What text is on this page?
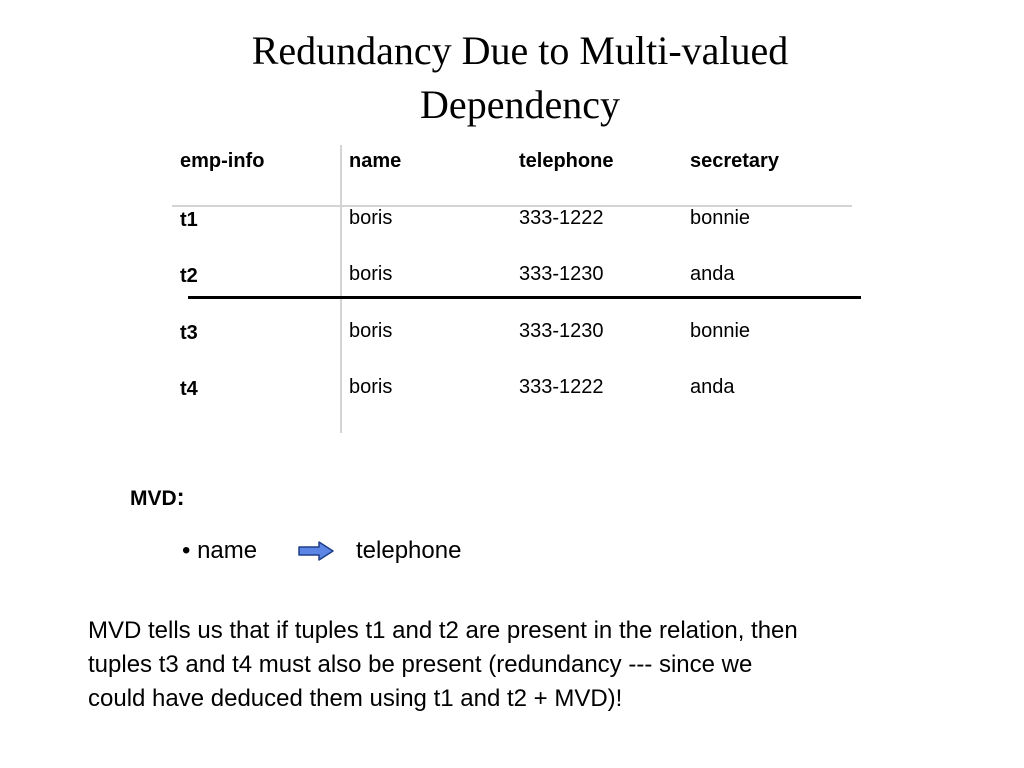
Redundancy Due to Multi-valued
Dependency
emp-info	name	telephone	secretary
t1	boris	333-1222	bonnie
t2	boris	333-1230	anda
t3	boris	333-1230	bonnie
t4	boris	333-1222	anda
MVD:
• name	telephone
MVD tells us that if tuples t1 and t2 are present in the relation, then
tuples t3 and t4 must also be present (redundancy --- since we
could have deduced them using t1 and t2 + MVD)!
